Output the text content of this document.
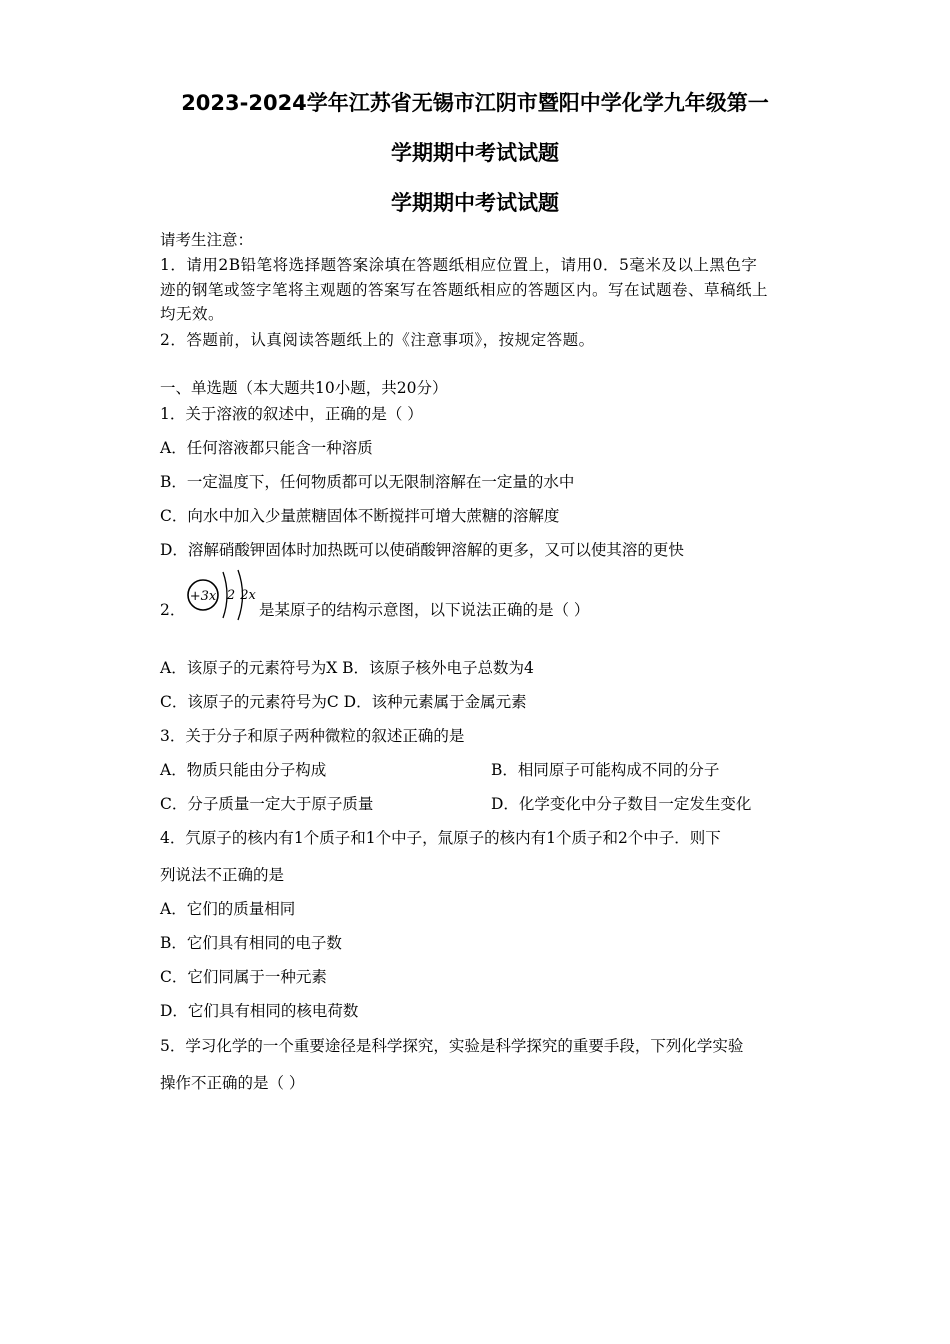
2023-2024学年江苏省无锡市江阴市暨阳中学化学九年级第一
学期期中考试试题
学期期中考试试题
请考生注意：
1．请用2B铅笔将选择题答案涂填在答题纸相应位置上，请用0．5毫米及以上黑色字
迹的钢笔或签字笔将主观题的答案写在答题纸相应的答题区内。写在试题卷、草稿纸上
均无效。
2．答题前，认真阅读答题纸上的《注意事项》，按规定答题。
一、单选题（本大题共10小题，共20分）
1．关于溶液的叙述中，正确的是（ ）
A．任何溶液都只能含一种溶质
B．一定温度下，任何物质都可以无限制溶解在一定量的水中
C．向水中加入少量蔗糖固体不断搅拌可增大蔗糖的溶解度
D．溶解硝酸钾固体时加热既可以使硝酸钾溶解的更多，又可以使其溶的更快
2．
+3x 2 2x
是某原子的结构示意图，以下说法正确的是（ ）
A．该原子的元素符号为X B．该原子核外电子总数为4
C．该原子的元素符号为C D．该种元素属于金属元素
3．关于分子和原子两种微粒的叙述正确的是
A．物质只能由分子构成	B．相同原子可能构成不同的分子
C．分子质量一定大于原子质量	D．化学变化中分子数目一定发生变化
4．氕原子的核内有1个质子和1个中子，氚原子的核内有1个质子和2个中子．则下
列说法不正确的是
A．它们的质量相同
B．它们具有相同的电子数
C．它们同属于一种元素
D．它们具有相同的核电荷数
5．学习化学的一个重要途径是科学探究，实验是科学探究的重要手段，下列化学实验
操作不正确的是（ ）
